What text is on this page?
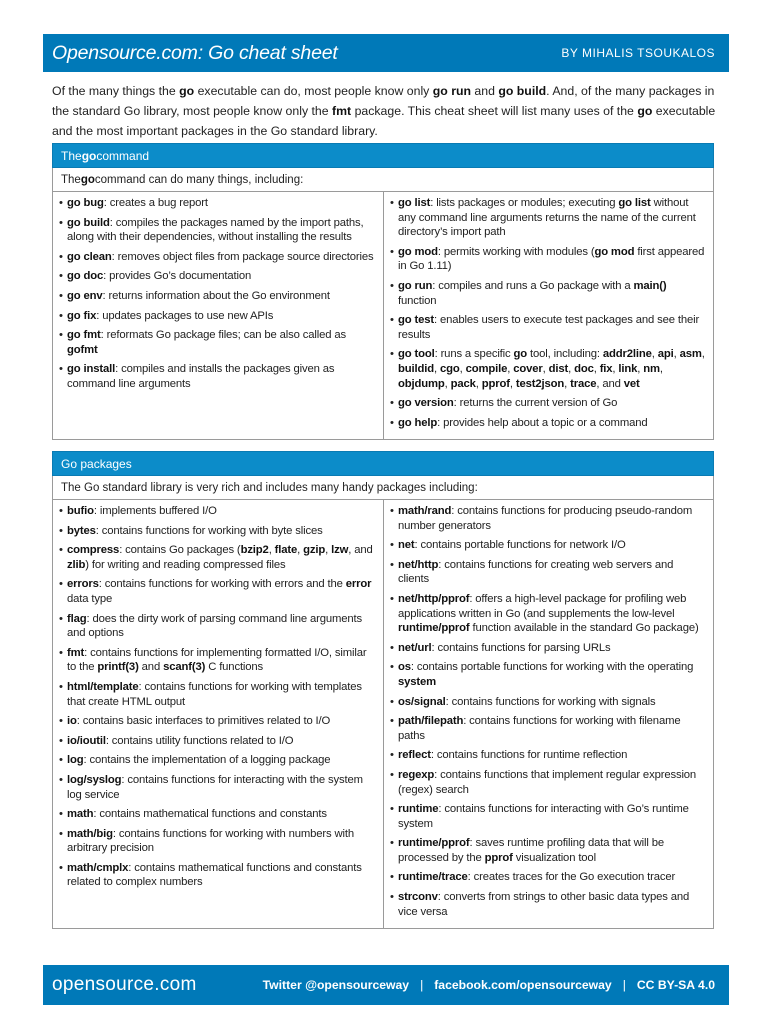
Opensource.com: Go cheat sheet	BY MIHALIS TSOUKALOS

Of the many things the go executable can do, most people know only go run and go build. And, of the many packages in the standard Go library, most people know only the fmt package. This cheat sheet will list many uses of the go executable and the most important packages in the Go standard library.

The go command
The go command can do many things, including:
• go bug: creates a bug report
• go build: compiles the packages named by the import paths, along with their dependencies, without installing the results
• go clean: removes object files from package source directories
• go doc: provides Go’s documentation
• go env: returns information about the Go environment
• go fix: updates packages to use new APIs
• go fmt: reformats Go package files; can be also called as gofmt
• go install: compiles and installs the packages given as command line arguments
• go list: lists packages or modules; executing go list without any command line arguments returns the name of the current directory’s import path
• go mod: permits working with modules (go mod first appeared in Go 1.11)
• go run: compiles and runs a Go package with a main() function
• go test: enables users to execute test packages and see their results
• go tool: runs a specific go tool, including: addr2line, api, asm, buildid, cgo, compile, cover, dist, doc, fix, link, nm, objdump, pack, pprof, test2json, trace, and vet
• go version: returns the current version of Go
• go help: provides help about a topic or a command
Go packages
The Go standard library is very rich and includes many handy packages including:
• bufio: implements buffered I/O
• bytes: contains functions for working with byte slices
• compress: contains Go packages (bzip2, flate, gzip, lzw, and zlib) for writing and reading compressed files
• errors: contains functions for working with errors and the error data type
• flag: does the dirty work of parsing command line arguments and options
• fmt: contains functions for implementing formatted I/O, similar to the printf(3) and scanf(3) C functions
• html/template: contains functions for working with templates that create HTML output
• io: contains basic interfaces to primitives related to I/O
• io/ioutil: contains utility functions related to I/O
• log: contains the implementation of a logging package
• log/syslog: contains functions for interacting with the system log service
• math: contains mathematical functions and constants
• math/big: contains functions for working with numbers with arbitrary precision
• math/cmplx: contains mathematical functions and constants related to complex numbers
• math/rand: contains functions for producing pseudo-random number generators
• net: contains portable functions for network I/O
• net/http: contains functions for creating web servers and clients
• net/http/pprof: offers a high-level package for profiling web applications written in Go (and supplements the low-level runtime/pprof function available in the standard Go package)
• net/url: contains functions for parsing URLs
• os: contains portable functions for working with the operating system
• os/signal: contains functions for working with signals
• path/filepath: contains functions for working with filename paths
• reflect: contains functions for runtime reflection
• regexp: contains functions that implement regular expression (regex) search
• runtime: contains functions for interacting with Go’s runtime system
• runtime/pprof: saves runtime profiling data that will be processed by the pprof visualization tool
• runtime/trace: creates traces for the Go execution tracer
• strconv: converts from strings to other basic data types and vice versa
opensource.com	Twitter @opensourceway | facebook.com/opensourceway | CC BY-SA 4.0
